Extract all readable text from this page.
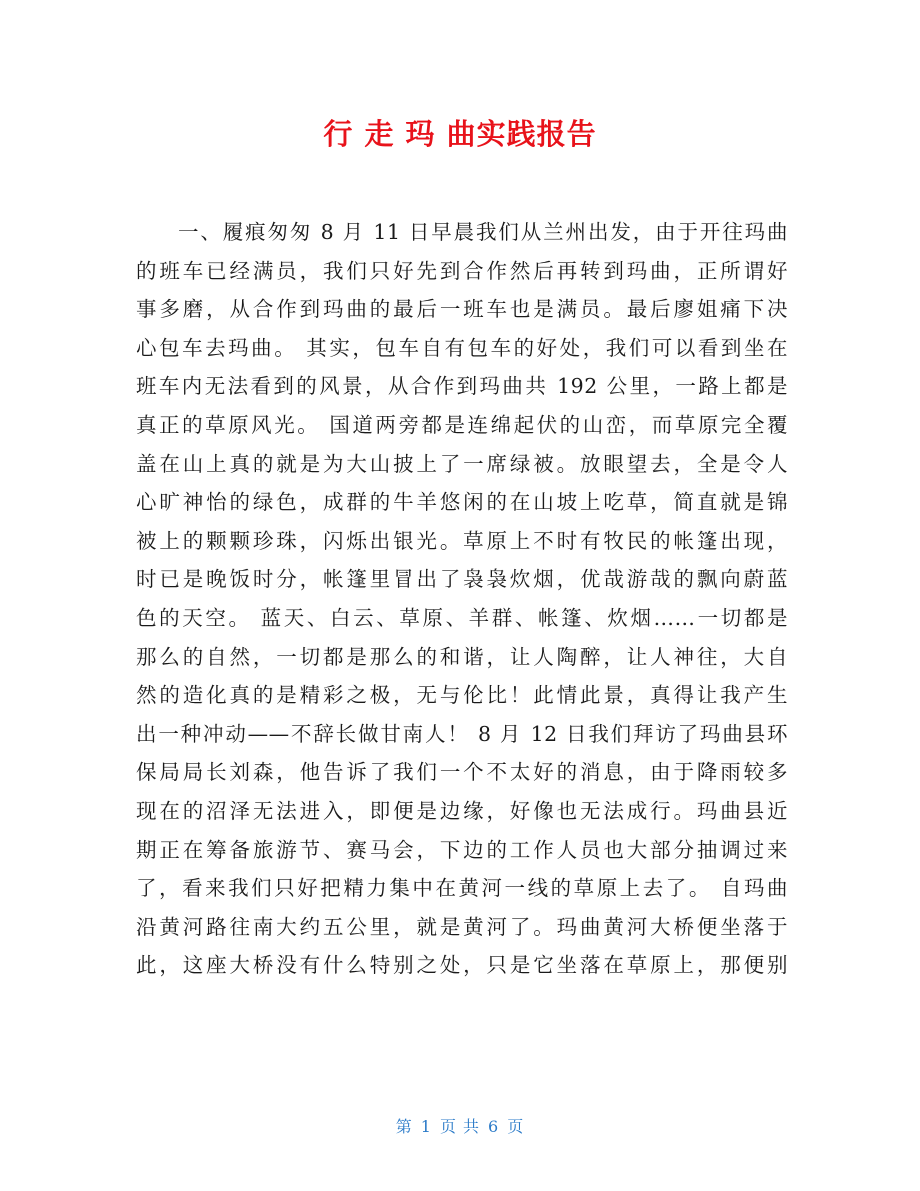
行 走 玛 曲实践报告
一、履痕匆匆 8 月 11 日早晨我们从兰州出发，由于开往玛曲
的班车已经满员，我们只好先到合作然后再转到玛曲，正所谓好
事多磨，从合作到玛曲的最后一班车也是满员。最后廖姐痛下决
心包车去玛曲。 其实，包车自有包车的好处，我们可以看到坐在
班车内无法看到的风景，从合作到玛曲共 192 公里，一路上都是
真正的草原风光。 国道两旁都是连绵起伏的山峦，而草原完全覆
盖在山上真的就是为大山披上了一席绿被。放眼望去，全是令人
心旷神怡的绿色，成群的牛羊悠闲的在山坡上吃草，简直就是锦
被上的颗颗珍珠，闪烁出银光。草原上不时有牧民的帐篷出现，
时已是晚饭时分，帐篷里冒出了袅袅炊烟，优哉游哉的飘向蔚蓝
色的天空。 蓝天、白云、草原、羊群、帐篷、炊烟……一切都是
那么的自然，一切都是那么的和谐，让人陶醉，让人神往，大自
然的造化真的是精彩之极，无与伦比！此情此景，真得让我产生
出一种冲动——不辞长做甘南人！ 8 月 12 日我们拜访了玛曲县环
保局局长刘森，他告诉了我们一个不太好的消息，由于降雨较多
现在的沼泽无法进入，即便是边缘，好像也无法成行。玛曲县近
期正在筹备旅游节、赛马会，下边的工作人员也大部分抽调过来
了，看来我们只好把精力集中在黄河一线的草原上去了。 自玛曲
沿黄河路往南大约五公里，就是黄河了。玛曲黄河大桥便坐落于
此，这座大桥没有什么特别之处，只是它坐落在草原上，那便别
第 1 页 共 6 页
